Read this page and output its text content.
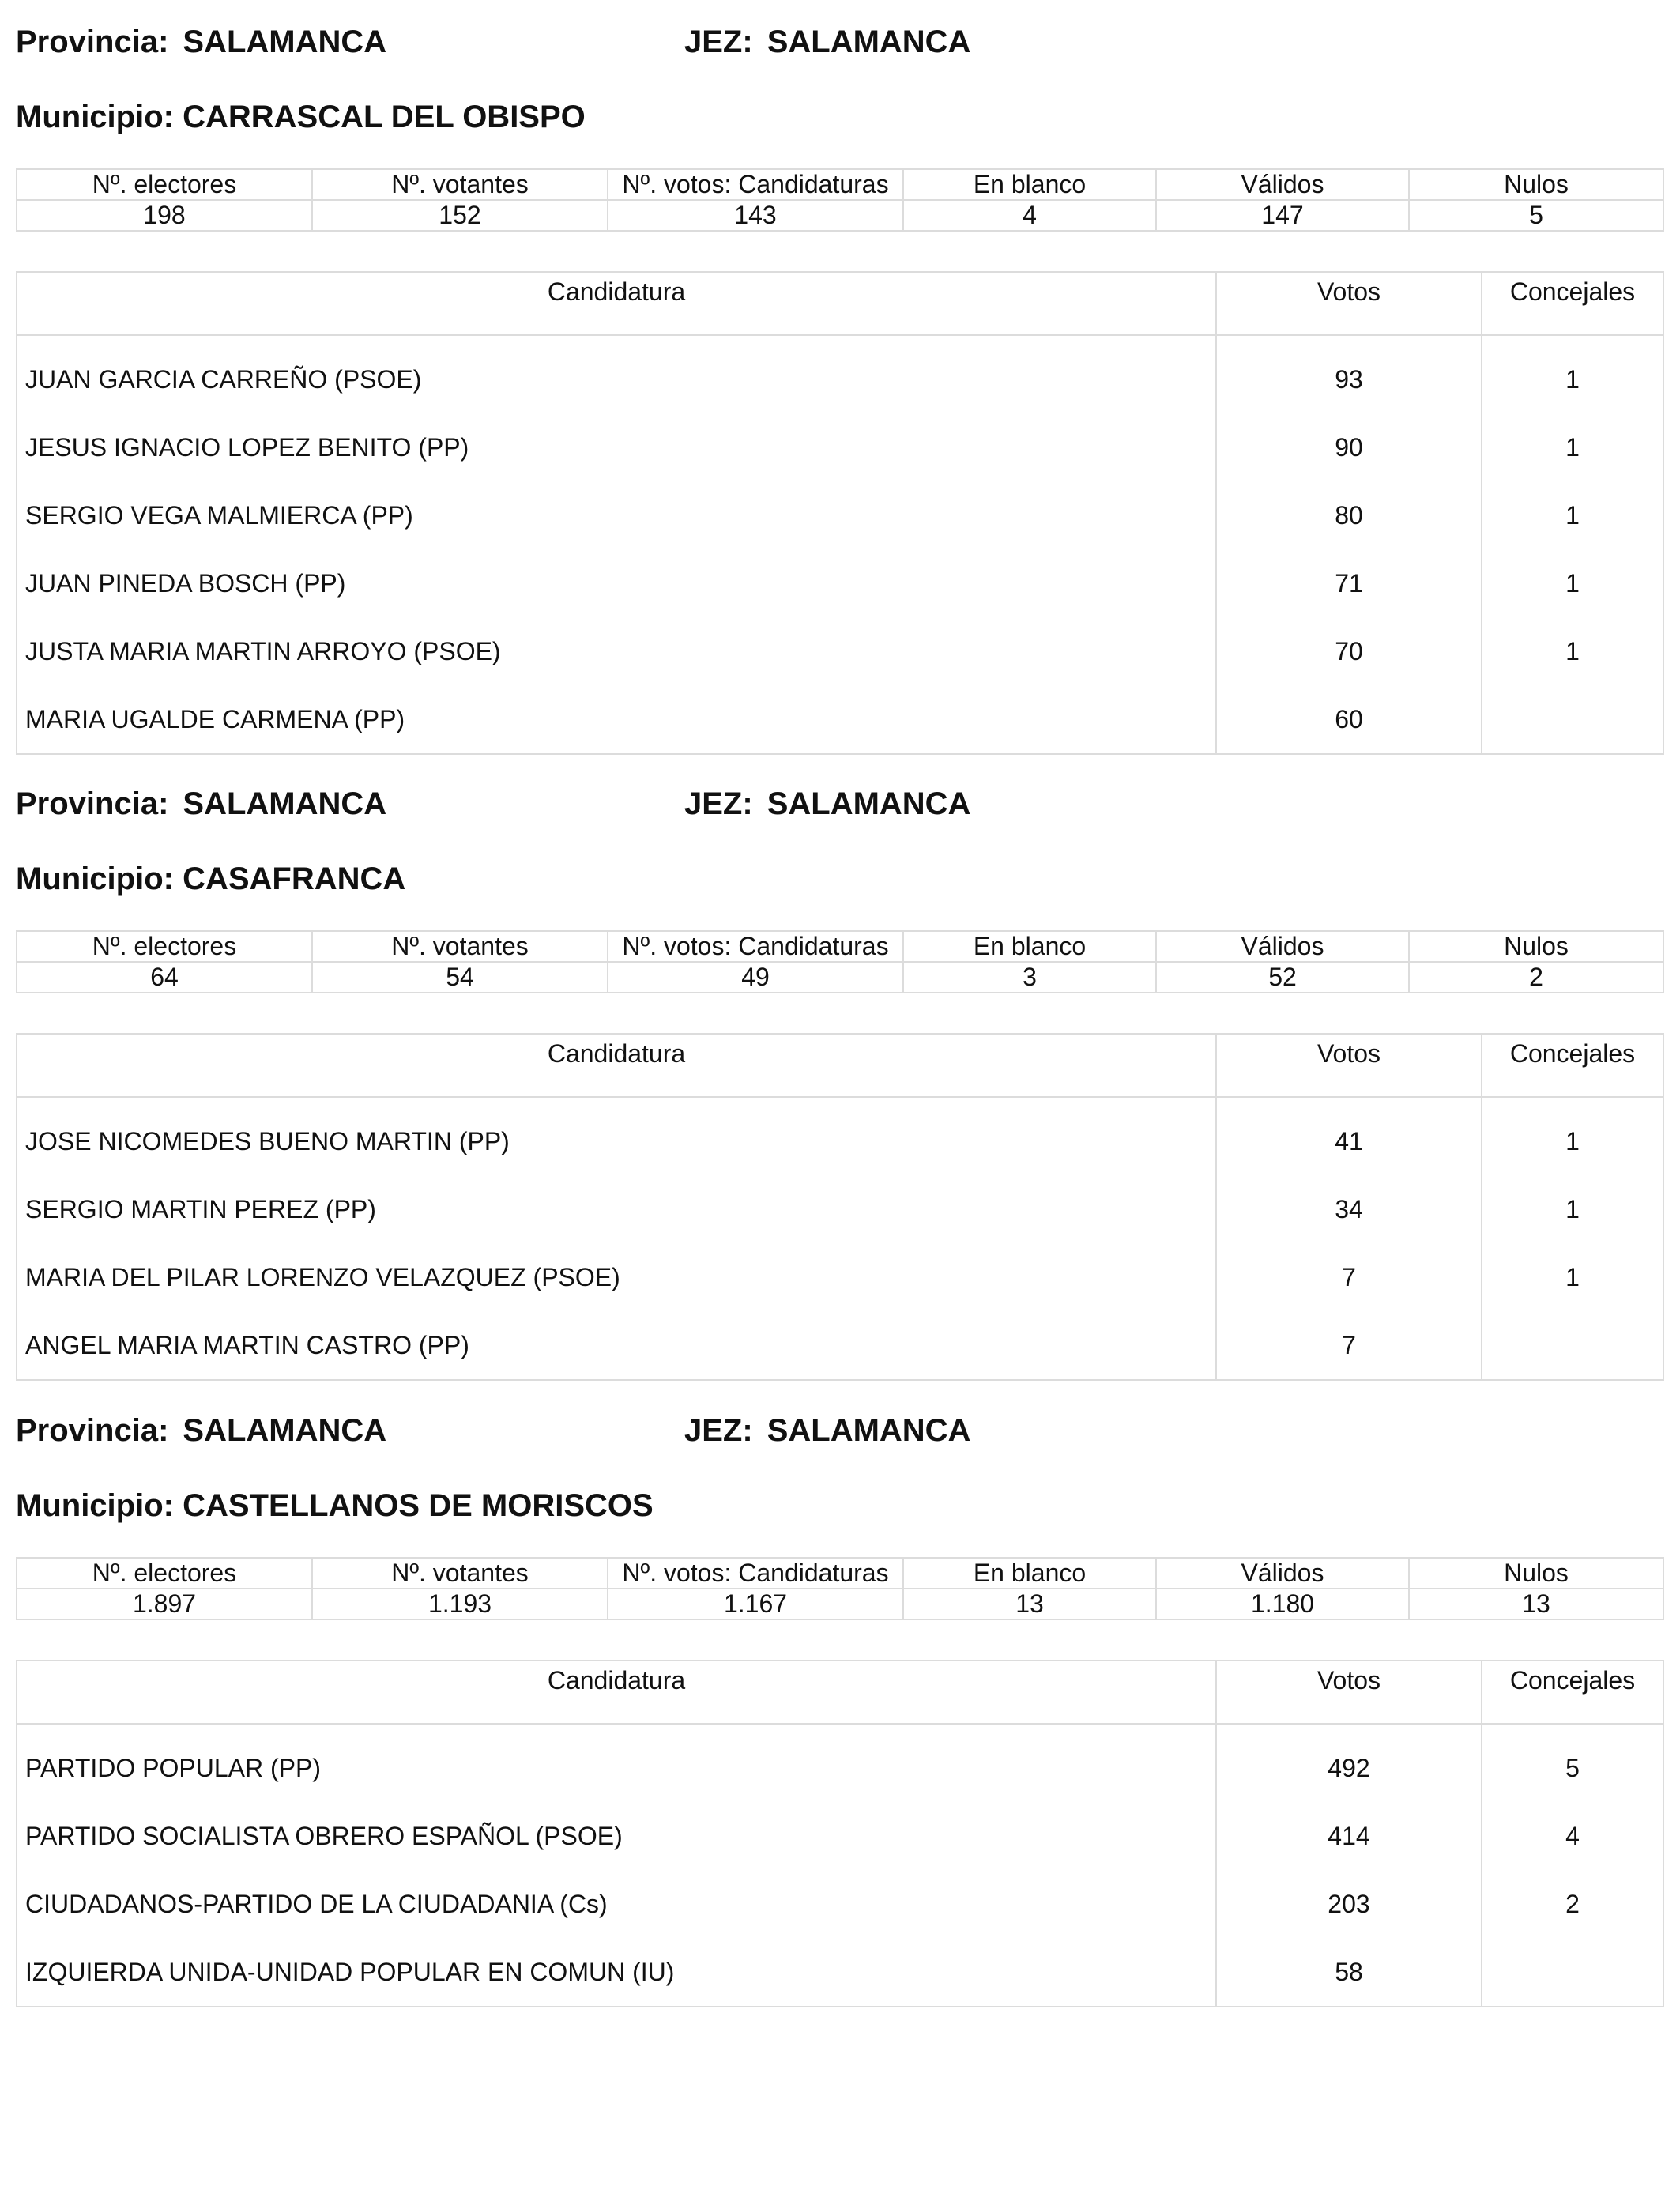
Provincia: SALAMANCA	JEZ: SALAMANCA
Municipio: CARRASCAL DEL OBISPO
Nº. electores	Nº. votantes	Nº. votos: Candidaturas	En blanco	Válidos	Nulos
198	152	143	4	147	5
Candidatura	Votos	Concejales
JUAN GARCIA CARREÑO (PSOE)	93	1
JESUS IGNACIO LOPEZ BENITO (PP)	90	1
SERGIO VEGA MALMIERCA (PP)	80	1
JUAN PINEDA BOSCH (PP)	71	1
JUSTA MARIA MARTIN ARROYO (PSOE)	70	1
MARIA UGALDE CARMENA (PP)	60	
Provincia: SALAMANCA	JEZ: SALAMANCA
Municipio: CASAFRANCA
Nº. electores	Nº. votantes	Nº. votos: Candidaturas	En blanco	Válidos	Nulos
64	54	49	3	52	2
Candidatura	Votos	Concejales
JOSE NICOMEDES BUENO MARTIN (PP)	41	1
SERGIO MARTIN PEREZ (PP)	34	1
MARIA DEL PILAR LORENZO VELAZQUEZ (PSOE)	7	1
ANGEL MARIA MARTIN CASTRO (PP)	7	
Provincia: SALAMANCA	JEZ: SALAMANCA
Municipio: CASTELLANOS DE MORISCOS
Nº. electores	Nº. votantes	Nº. votos: Candidaturas	En blanco	Válidos	Nulos
1.897	1.193	1.167	13	1.180	13
Candidatura	Votos	Concejales
PARTIDO POPULAR (PP)	492	5
PARTIDO SOCIALISTA OBRERO ESPAÑOL (PSOE)	414	4
CIUDADANOS-PARTIDO DE LA CIUDADANIA (Cs)	203	2
IZQUIERDA UNIDA-UNIDAD POPULAR EN COMUN (IU)	58	
